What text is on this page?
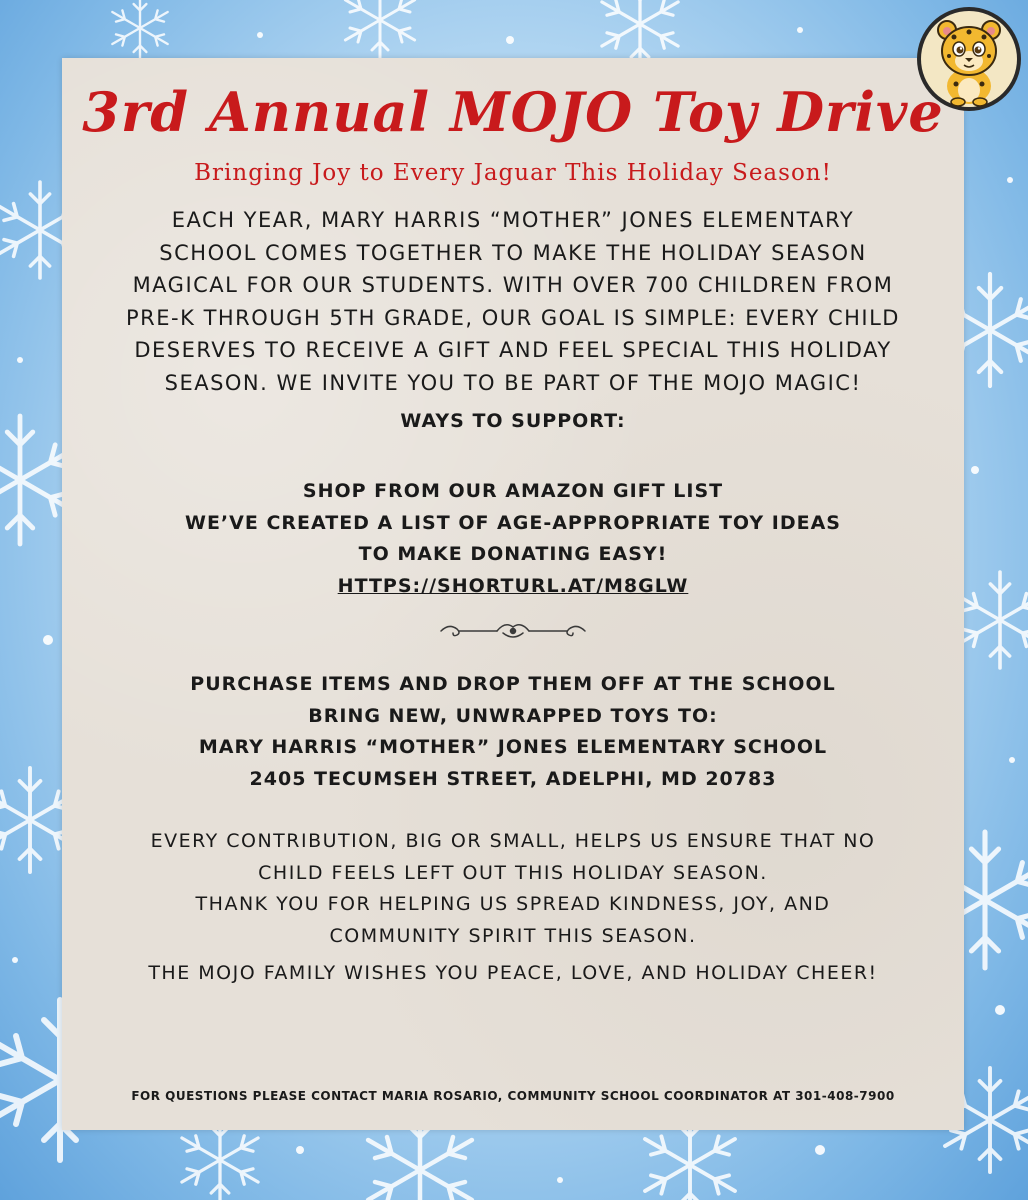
3rd Annual MOJO Toy Drive
Bringing Joy to Every Jaguar This Holiday Season!
EACH YEAR, MARY HARRIS “MOTHER” JONES ELEMENTARY
SCHOOL COMES TOGETHER TO MAKE THE HOLIDAY SEASON
MAGICAL FOR OUR STUDENTS. WITH OVER 700 CHILDREN FROM
PRE-K THROUGH 5TH GRADE, OUR GOAL IS SIMPLE: EVERY CHILD
DESERVES TO RECEIVE A GIFT AND FEEL SPECIAL THIS HOLIDAY
SEASON. WE INVITE YOU TO BE PART OF THE MOJO MAGIC!
WAYS TO SUPPORT:
SHOP FROM OUR AMAZON GIFT LIST
WE’VE CREATED A LIST OF AGE-APPROPRIATE TOY IDEAS
TO MAKE DONATING EASY!
HTTPS://SHORTURL.AT/M8GLW
PURCHASE ITEMS AND DROP THEM OFF AT THE SCHOOL
BRING NEW, UNWRAPPED TOYS TO:
MARY HARRIS “MOTHER” JONES ELEMENTARY SCHOOL
2405 TECUMSEH STREET, ADELPHI, MD 20783
EVERY CONTRIBUTION, BIG OR SMALL, HELPS US ENSURE THAT NO
CHILD FEELS LEFT OUT THIS HOLIDAY SEASON.
THANK YOU FOR HELPING US SPREAD KINDNESS, JOY, AND
COMMUNITY SPIRIT THIS SEASON.
THE MOJO FAMILY WISHES YOU PEACE, LOVE, AND HOLIDAY CHEER!
FOR QUESTIONS PLEASE CONTACT MARIA ROSARIO, COMMUNITY SCHOOL COORDINATOR AT 301-408-7900
